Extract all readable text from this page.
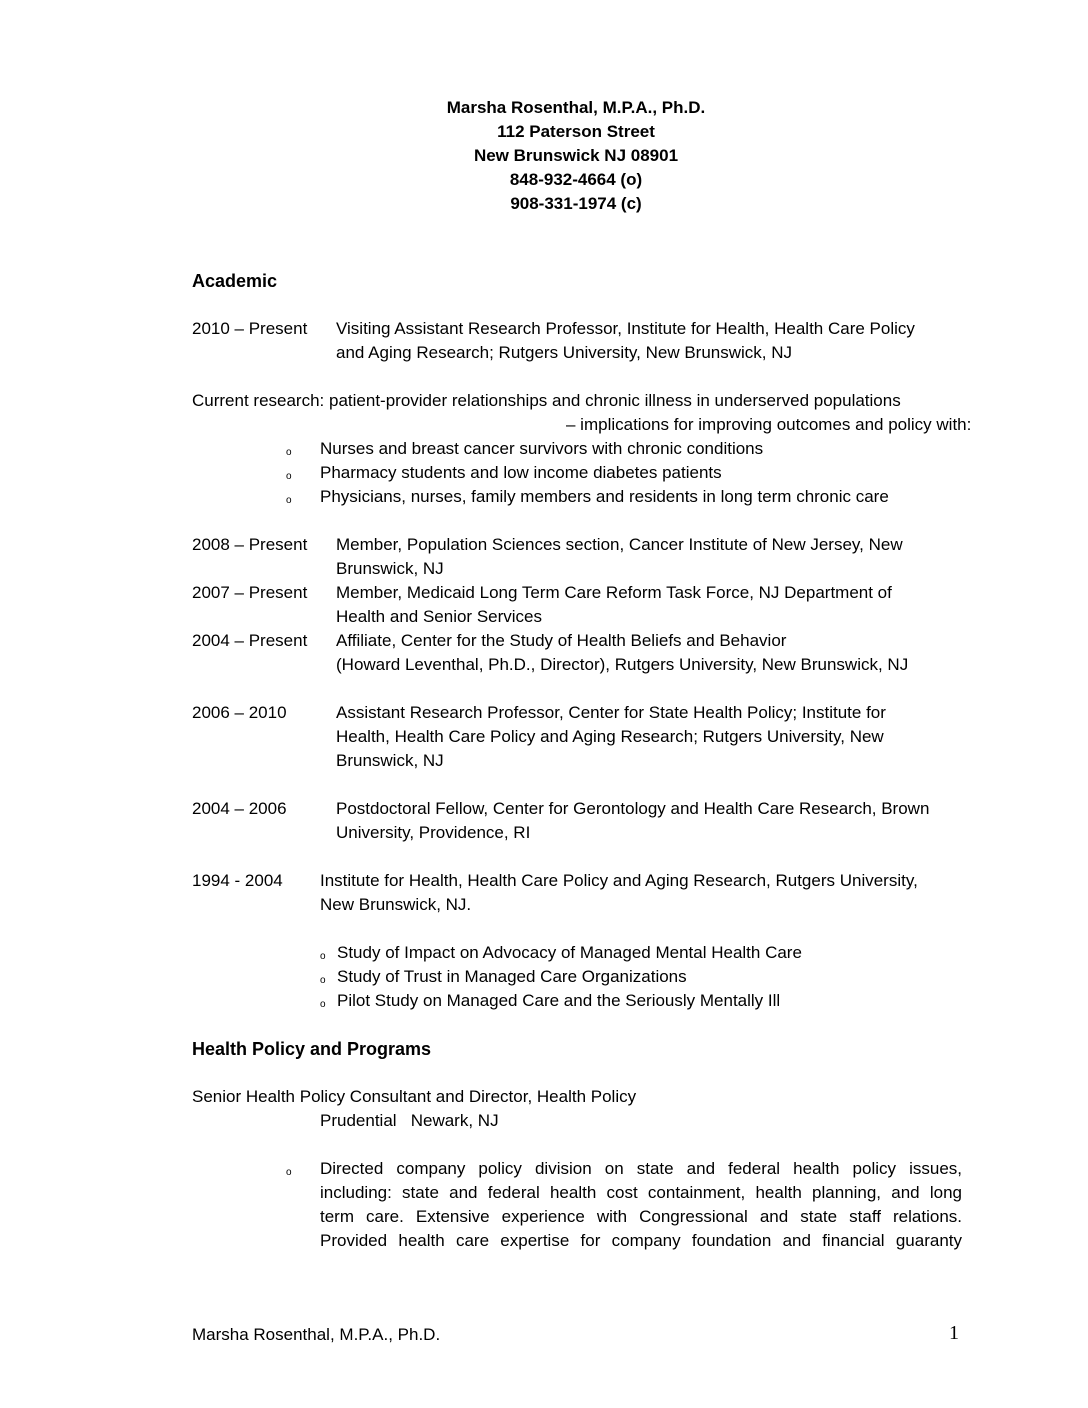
Marsha Rosenthal, M.P.A., Ph.D.
112 Paterson Street
New Brunswick NJ 08901
848-932-4664 (o)
908-331-1974 (c)
Academic
2010 – Present Visiting Assistant Research Professor, Institute for Health, Health Care Policy
and Aging Research; Rutgers University, New Brunswick, NJ
Current research: patient-provider relationships and chronic illness in underserved populations
– implications for improving outcomes and policy with:
o Nurses and breast cancer survivors with chronic conditions
o Pharmacy students and low income diabetes patients
o Physicians, nurses, family members and residents in long term chronic care
2008 – Present Member, Population Sciences section, Cancer Institute of New Jersey, New
Brunswick, NJ
2007 – Present Member, Medicaid Long Term Care Reform Task Force, NJ Department of
Health and Senior Services
2004 – Present Affiliate, Center for the Study of Health Beliefs and Behavior
(Howard Leventhal, Ph.D., Director), Rutgers University, New Brunswick, NJ
2006 – 2010	Assistant Research Professor, Center for State Health Policy; Institute for
Health, Health Care Policy and Aging Research; Rutgers University, New
Brunswick, NJ
2004 – 2006	Postdoctoral Fellow, Center for Gerontology and Health Care Research, Brown
University, Providence, RI
1994 - 2004 Institute for Health, Health Care Policy and Aging Research, Rutgers University,
New Brunswick, NJ.
o Study of Impact on Advocacy of Managed Mental Health Care
o Study of Trust in Managed Care Organizations
o Pilot Study on Managed Care and the Seriously Mentally Ill
Health Policy and Programs
Senior Health Policy Consultant and Director, Health Policy
Prudential   Newark, NJ
o Directed company policy division on state and federal health policy issues,
including: state and federal health cost containment, health planning, and long
term care. Extensive experience with Congressional and state staff relations.
Provided health care expertise for company foundation and financial guaranty
Marsha Rosenthal, M.P.A., Ph.D.	1
